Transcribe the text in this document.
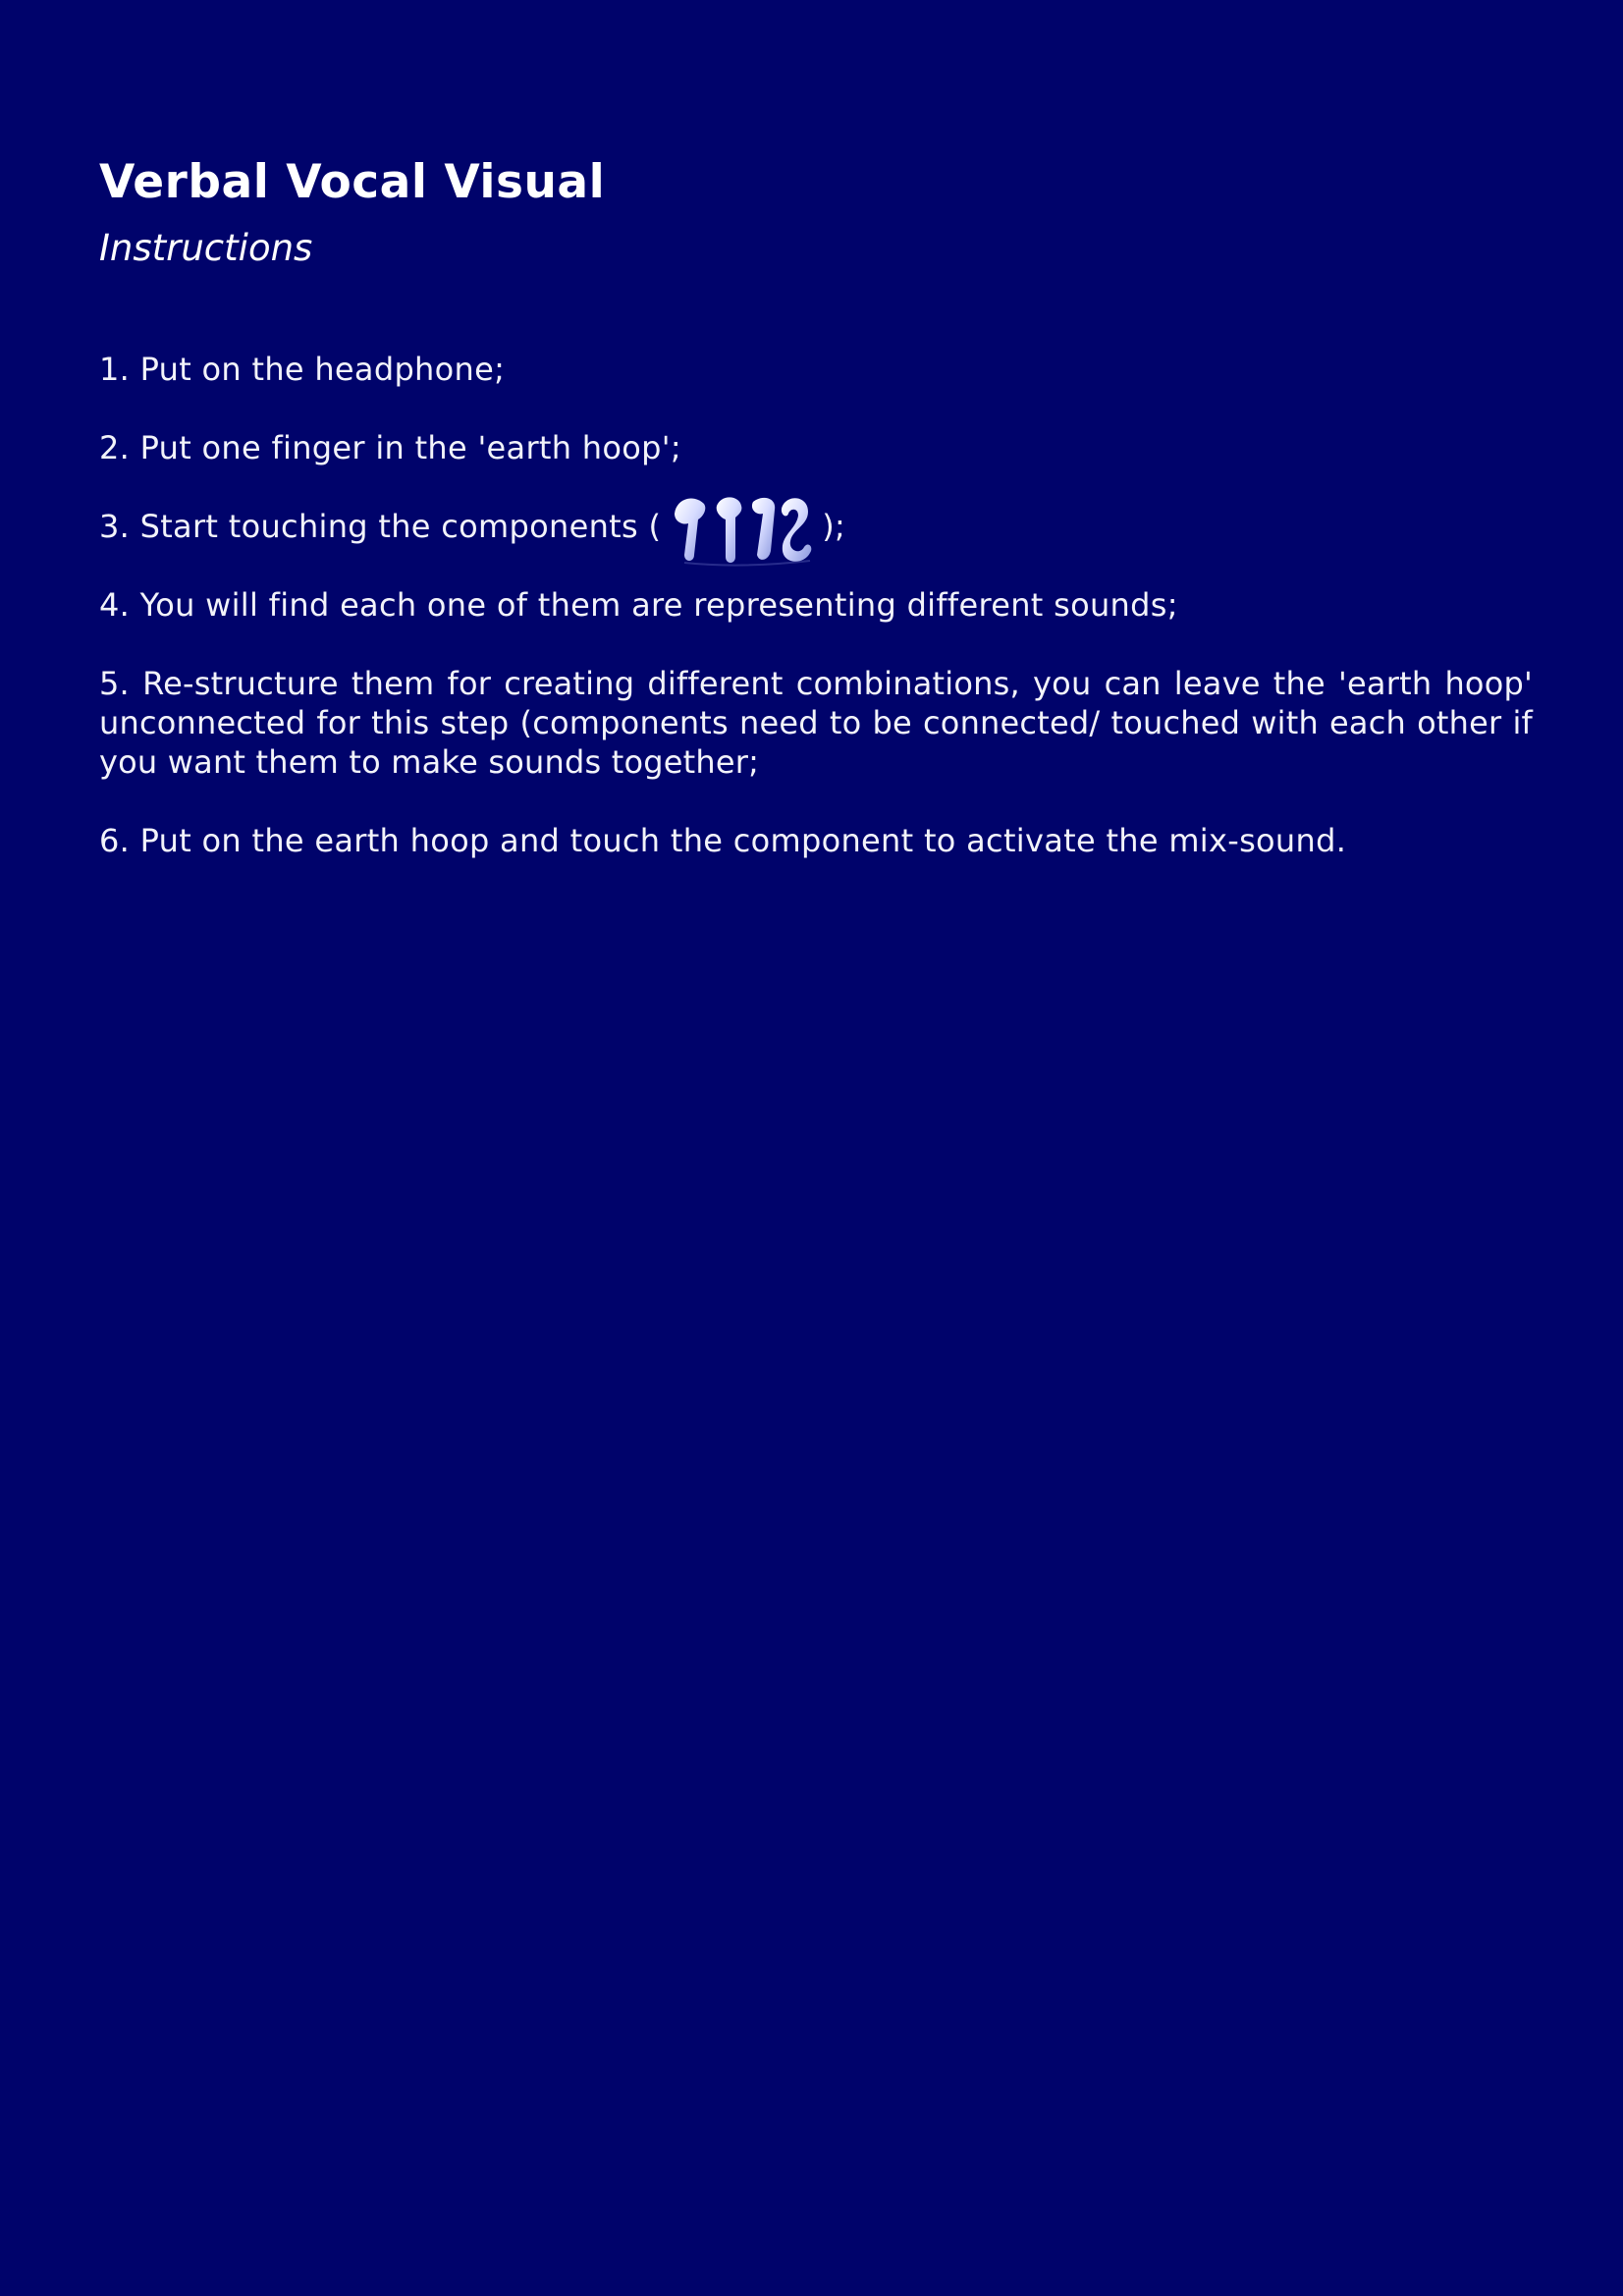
Verbal Vocal Visual
Instructions
1. Put on the headphone;
2. Put one finger in the 'earth hoop';
3. Start touching the components (	);
4. You will find each one of them are representing different sounds;
5. Re-structure them for creating different combinations, you can leave the 'earth hoop' unconnected for this step (components need to be connected/ touched with each other if you want them to make sounds together;
6. Put on the earth hoop and touch the component to activate the mix-sound.
